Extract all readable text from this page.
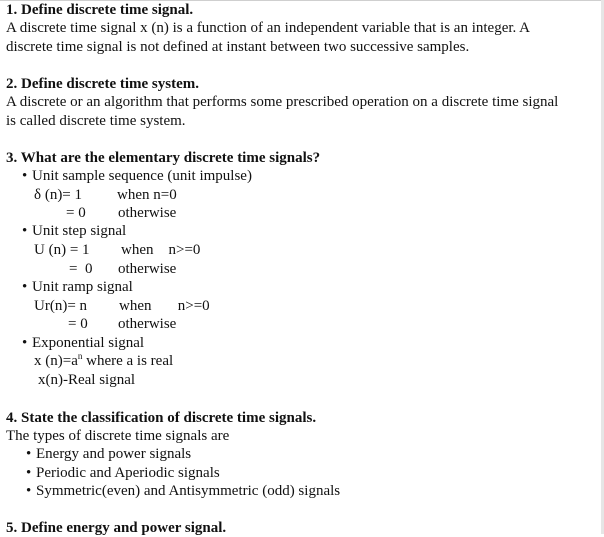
1. Define discrete time signal.
A discrete time signal x (n) is a function of an independent variable that is an integer. A
discrete time signal is not defined at instant between two successive samples.
2. Define discrete time system.
A discrete or an algorithm that performs some prescribed operation on a discrete time signal
is called discrete time system.
3. What are the elementary discrete time signals?
• Unit sample sequence (unit impulse)
δ (n)= 1 when n=0
= 0 otherwise
• Unit step signal
U (n) = 1 when    n>=0
=  0 otherwise
• Unit ramp signal
Ur(n)= n when       n>=0
= 0 otherwise
• Exponential signal
x $(n)=a^n$ where a is real
x(n)-Real signal
4. State the classification of discrete time signals.
The types of discrete time signals are
• Energy and power signals
• Periodic and Aperiodic signals
• Symmetric(even) and Antisymmetric (odd) signals
5. Define energy and power signal.
